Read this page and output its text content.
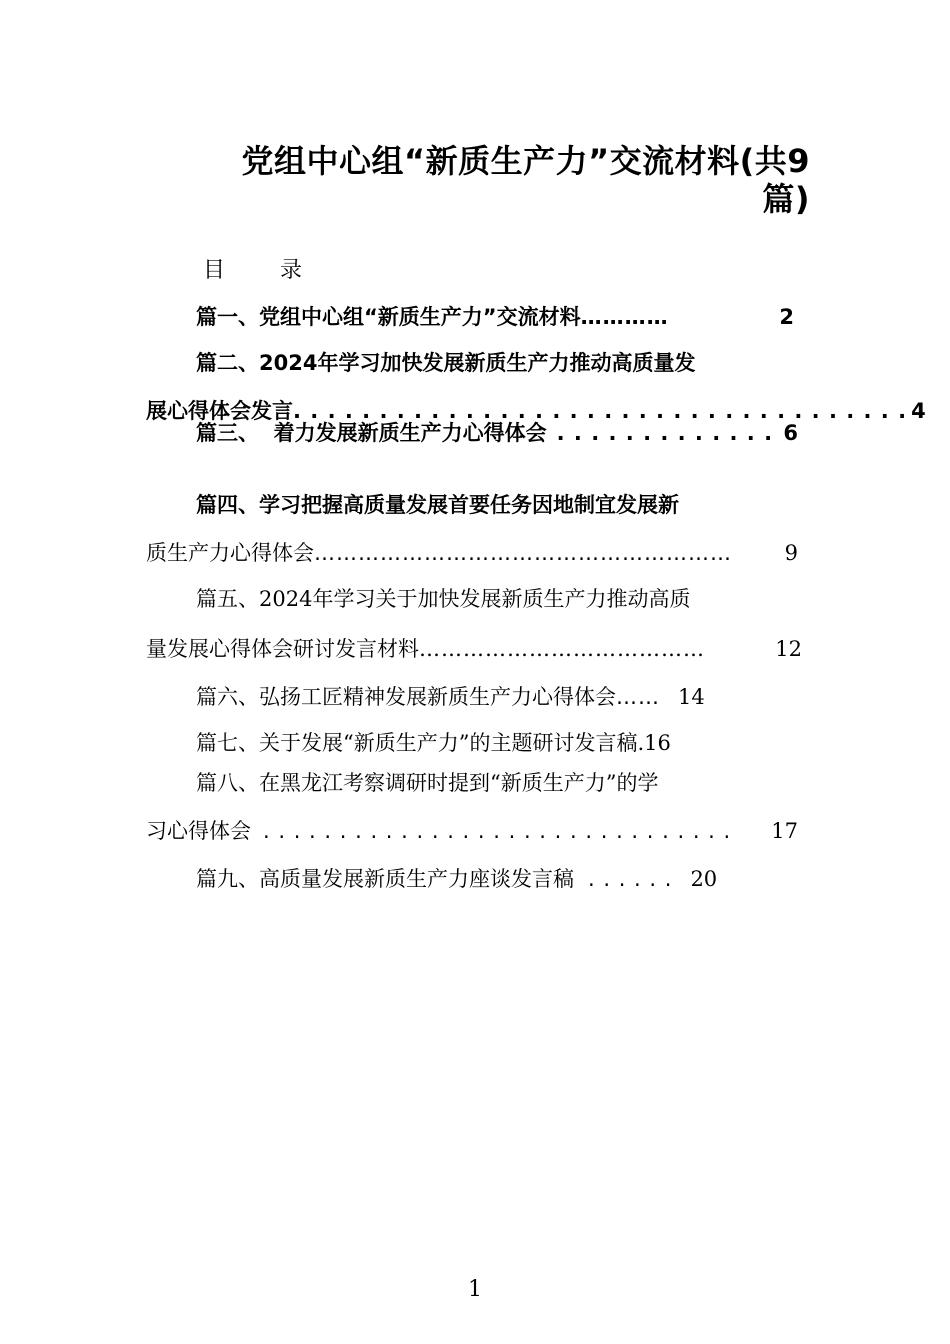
党组中心组“新质生产力”交流材料(共9
篇)
目 录
篇一、党组中心组“新质生产力”交流材料 …………	2
篇二、2024年学习加快发展新质生产力推动高质量发
展心得体会发言 . . . . . . . . . . . . . . . . . . . . . . . . . . . . . . . . . . . . 4
篇三、  着力发展新质生产力心得体会 . . . . . . . . . . . . . 6
篇四、学习把握高质量发展首要任务因地制宜发展新
质生产力心得体会 …………………………………………………	9
篇五、2024年学习关于加快发展新质生产力推动高质
量发展心得体会研讨发言材料 …………………………………	12
篇六、弘扬工匠精神发展新质生产力心得体会 …… 14
篇七、关于发展“新质生产力”的主题研讨发言稿. 16
篇八、在黑龙江考察调研时提到“新质生产力”的学
习心得体会 . . . . . . . . . . . . . . . . . . . . . . . . . . . . . . .	17
篇九、高质量发展新质生产力座谈发言稿 . . . . . . 20
1
